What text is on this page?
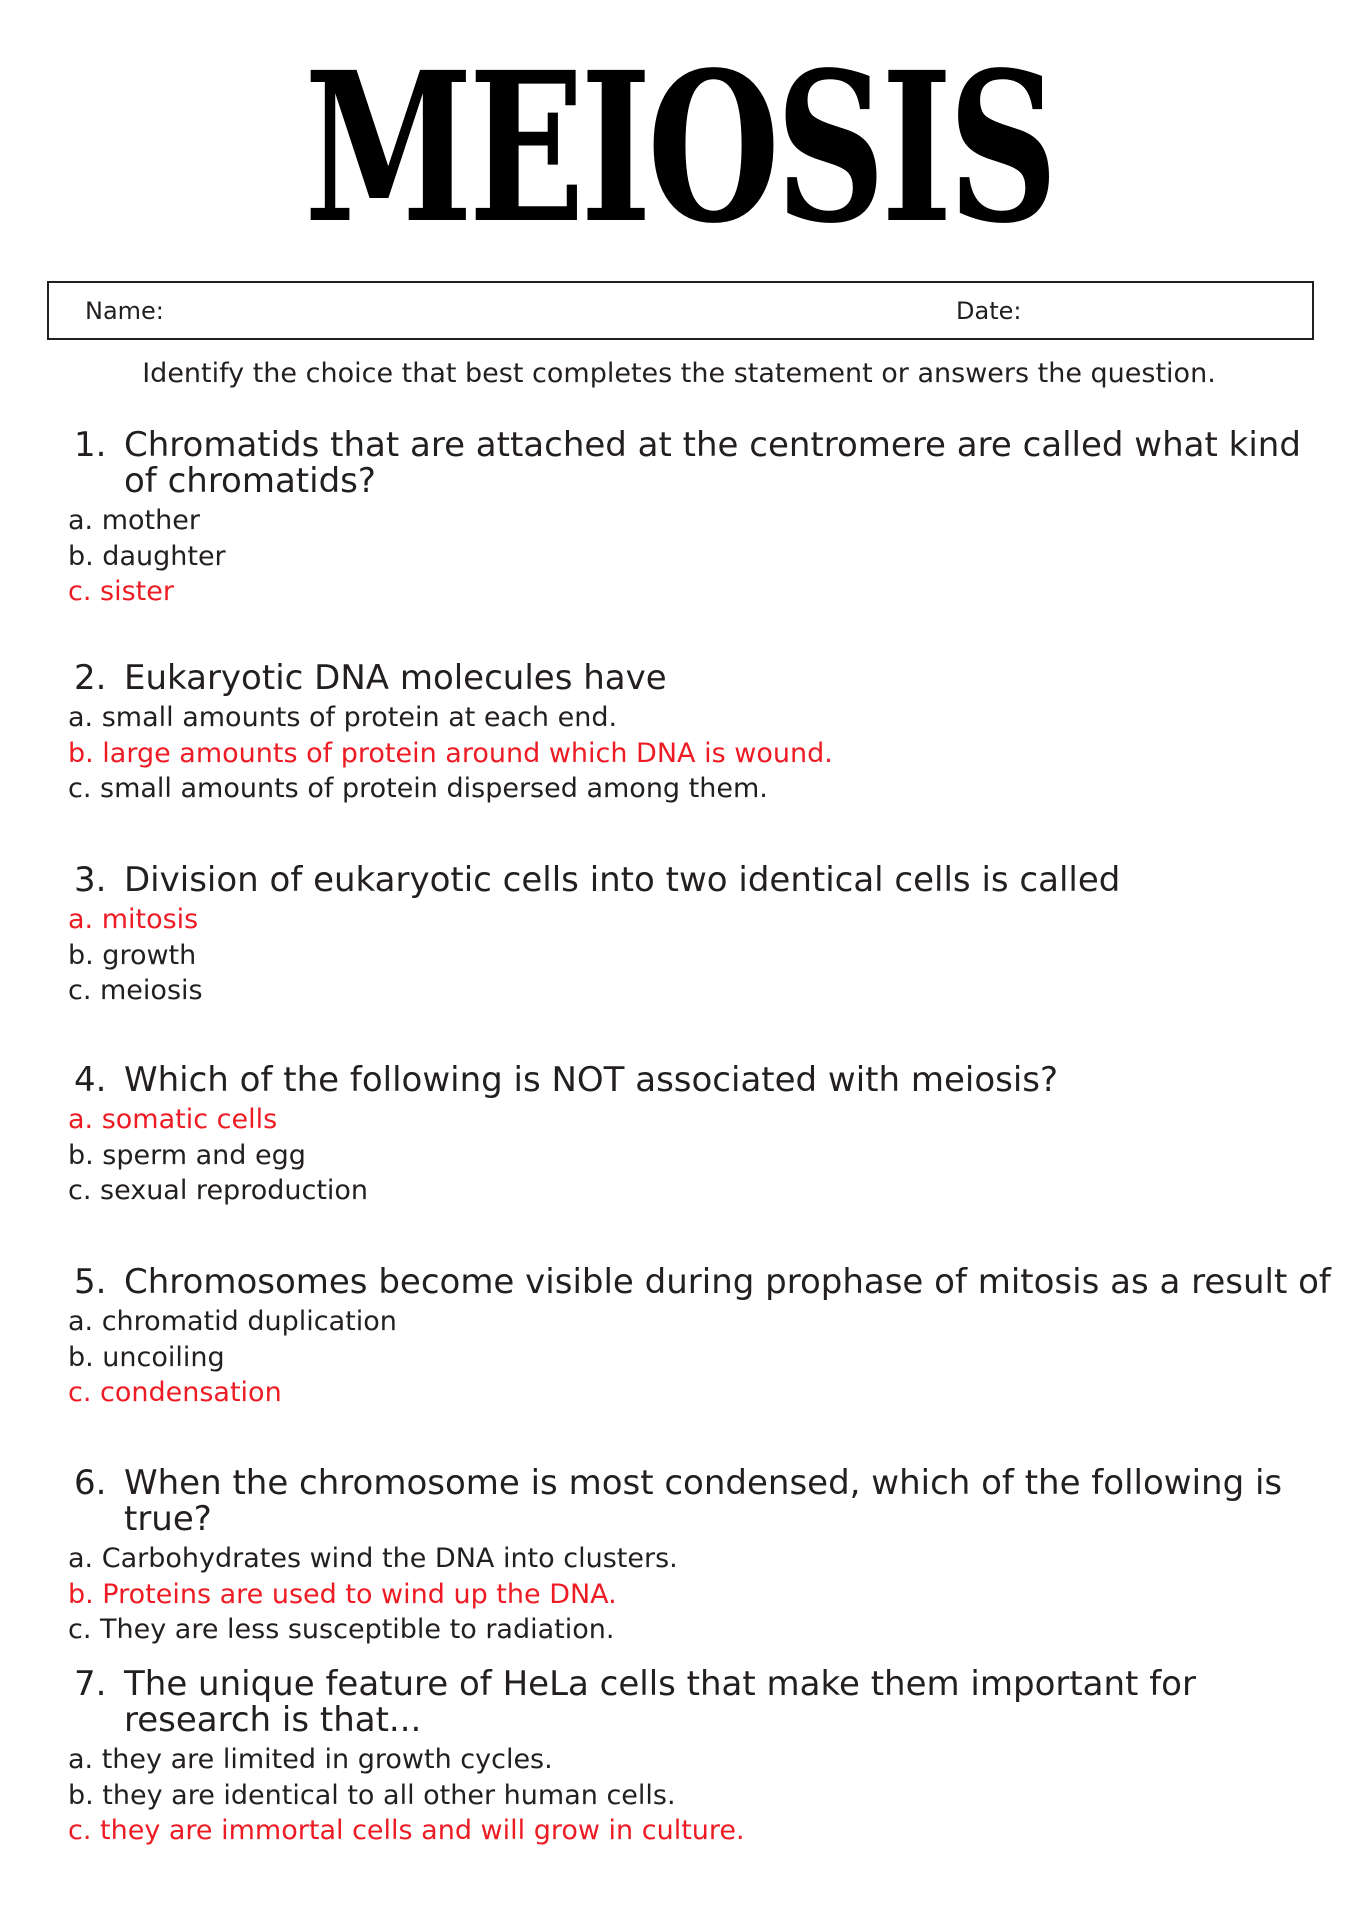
MEIOSIS
Name:	Date:
Identify the choice that best completes the statement or answers the question.
1. Chromatids that are attached at the centromere are called what kind of chromatids?
a. mother
b. daughter
c. sister
2. Eukaryotic DNA molecules have
a. small amounts of protein at each end.
b. large amounts of protein around which DNA is wound.
c. small amounts of protein dispersed among them.
3. Division of eukaryotic cells into two identical cells is called
a. mitosis
b. growth
c. meiosis
4. Which of the following is NOT associated with meiosis?
a. somatic cells
b. sperm and egg
c. sexual reproduction
5. Chromosomes become visible during prophase of mitosis as a result of
a. chromatid duplication
b. uncoiling
c. condensation
6. When the chromosome is most condensed, which of the following is true?
a. Carbohydrates wind the DNA into clusters.
b. Proteins are used to wind up the DNA.
c. They are less susceptible to radiation.
7. The unique feature of HeLa cells that make them important for research is that...
a. they are limited in growth cycles.
b. they are identical to all other human cells.
c. they are immortal cells and will grow in culture.
